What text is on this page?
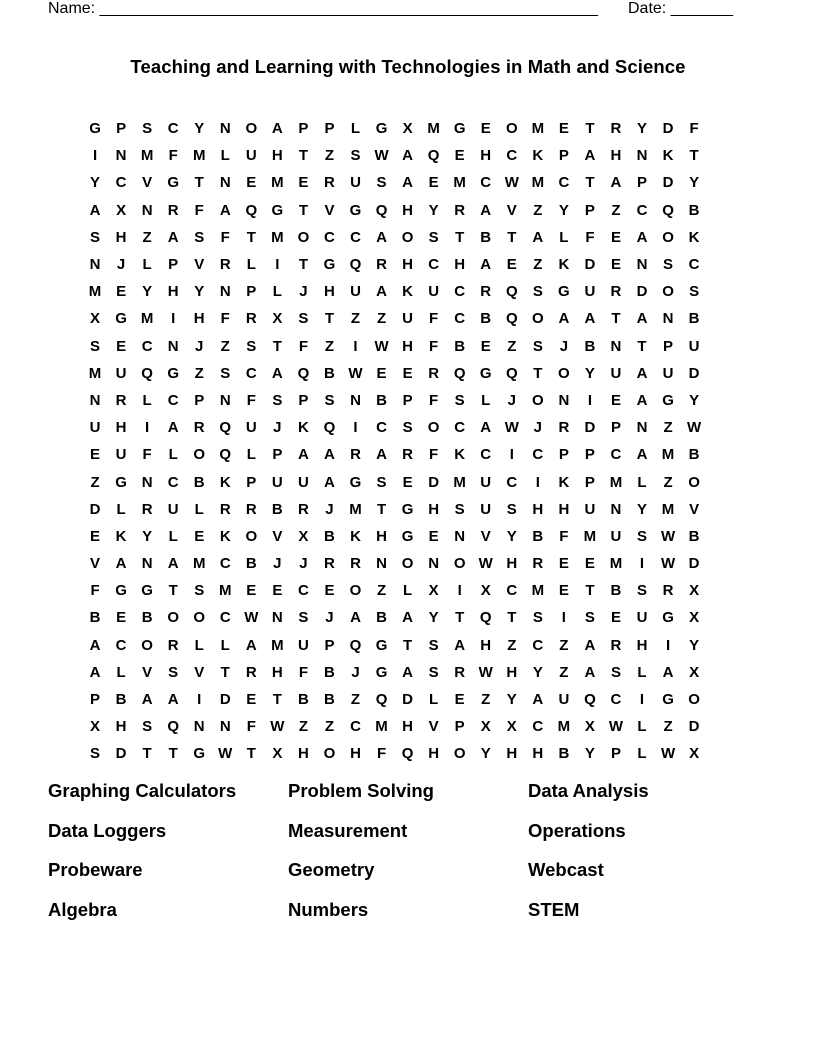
Name: ________________________________________________________ Date: _______
Teaching and Learning with Technologies in Math and Science
G	P	S	C	Y	N O A	P	P	L	G	X M G	E	O M E	T	R	Y	D	F
I	N M	F	M	L	U	H	T	Z	S W A Q	E	H	C	K	P	A	H	N	K	T
Y	C	V	G	T	N	E M E	R	U	S	A	E M C W M C	T	A	P	D	Y
A	X	N	R	F	A Q G	T	V	G Q H	Y	R	A	V	Z	Y	P	Z	C Q B
S	H	Z	A	S	F	T	M O C	C	A O	S	T	B	T	A	L	F	E	A O K
N	J	L	P	V	R	L	I	T	G Q R	H	C	H	A	E	Z	K	D	E	N	S	C
M E	Y	H	Y	N	P	L	J	H	U	A	K	U	C	R Q	S	G U	R	D O	S
X	G M	I	H	F	R	X	S	T	Z	Z	U	F	C	B Q O A	A	T	A	N	B
S	E	C	N	J	Z	S	T	F	Z	I	W H	F	B	E	Z	S	J	B	N	T	P	U
M U Q G	Z	S	C	A Q B W E	E	R Q G Q	T	O	Y	U	A	U	D
N	R	L	C	P	N	F	S	P	S	N	B	P	F	S	L	J	O N	I	E	A G	Y
U	H	I	A	R Q U	J	K Q	I	C	S	O C	A W J	R	D	P	N	Z W
E	U	F	L	O Q	L	P	A	A	R	A	R	F	K	C	I	C	P	P	C	A M B
Z	G N	C	B	K	P	U	U	A G	S	E	D M U	C	I	K	P M	L	Z	O
D	L	R	U	L	R	R	B	R	J	M	T	G H	S	U	S	H	H	U	N	Y M V
E	K	Y	L	E	K O	V	X	B	K	H G	E	N	V	Y	B	F	M U	S W B
V	A	N	A M C	B	J	J	R	R	N O N O W H	R	E	E M	I	W D
F	G G	T	S M E	E	C	E	O	Z	L	X	I	X	C M E	T	B	S	R	X
B	E	B O O C W N	S	J	A	B	A	Y	T	Q	T	S	I	S	E	U G	X
A	C O R	L	L	A M U	P	Q G	T	S	A	H	Z	C	Z	A	R	H	I	Y
A	L	V	S	V	T	R	H	F	B	J	G A	S	R W H	Y	Z	A	S	L	A	X
P	B	A	A	I	D	E	T	B	B	Z	Q D	L	E	Z	Y	A	U Q C	I	G O
X	H	S	Q N	N	F W Z	Z	C M H	V	P	X	X	C M X W L	Z	D
S	D	T	T	G W T	X	H O H	F	Q H O	Y	H	H	B	Y	P	L W X
Graphing Calculators	Problem Solving	Data Analysis
Data Loggers	Measurement	Operations
Probeware	Geometry	Webcast
Algebra	Numbers	STEM
